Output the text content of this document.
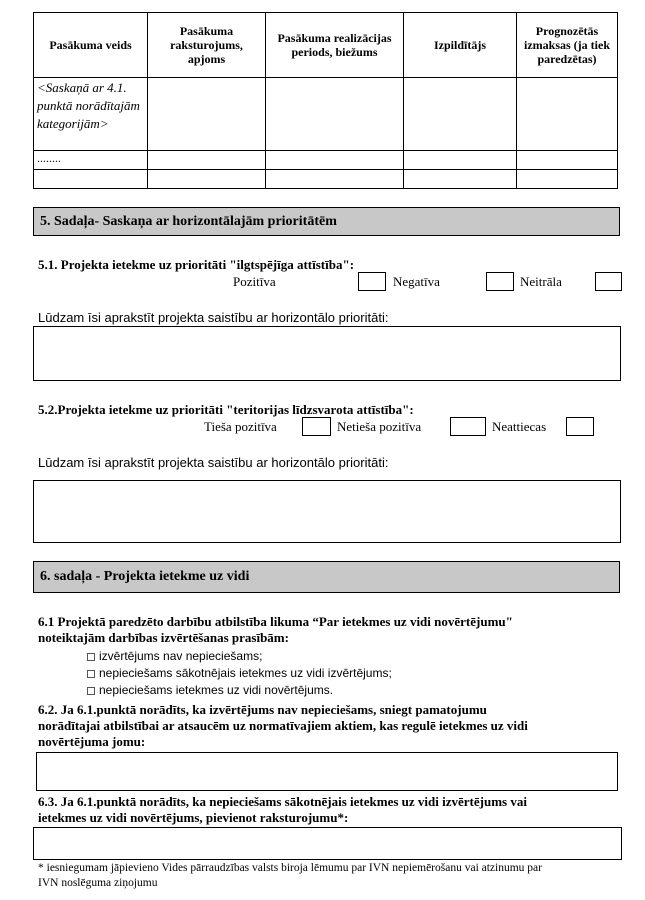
Pasākuma veids	Pasākuma raksturojums, apjoms	Pasākuma realizācijas periods, biežums	Izpildītājs	Prognozētās izmaksas (ja tiek paredzētas)
<Saskaņā ar 4.1. punktā norādītajām kategorijām>				
........				

5. Sadaļa- Saskaņa ar horizontālajām prioritātēm
5.1. Projekta ietekme uz prioritāti "ilgtspējīga attīstība":
Pozitīva	Negatīva	Neitrāla
Lūdzam īsi aprakstīt projekta saistību ar horizontālo prioritāti:
5.2.Projekta ietekme uz prioritāti "teritorijas līdzsvarota attīstība":
Tieša pozitīva	Netieša pozitīva	Neattiecas
Lūdzam īsi aprakstīt projekta saistību ar horizontālo prioritāti:
6. sadaļa - Projekta ietekme uz vidi
6.1 Projektā paredzēto darbību atbilstība likuma “Par ietekmes uz vidi novērtējumu"
noteiktajām darbības izvērtēšanas prasībām:
izvērtējums nav nepieciešams;
nepieciešams sākotnējais ietekmes uz vidi izvērtējums;
nepieciešams ietekmes uz vidi novērtējums.
6.2. Ja 6.1.punktā norādīts, ka izvērtējums nav nepieciešams, sniegt pamatojumu
norādītajai atbilstībai ar atsaucēm uz normatīvajiem aktiem, kas regulē ietekmes uz vidi
novērtējuma jomu:
6.3. Ja 6.1.punktā norādīts, ka nepieciešams sākotnējais ietekmes uz vidi izvērtējums vai
ietekmes uz vidi novērtējums, pievienot raksturojumu*:
* iesniegumam jāpievieno Vides pārraudzības valsts biroja lēmumu par IVN nepiemērošanu vai atzinumu par
IVN noslēguma ziņojumu
